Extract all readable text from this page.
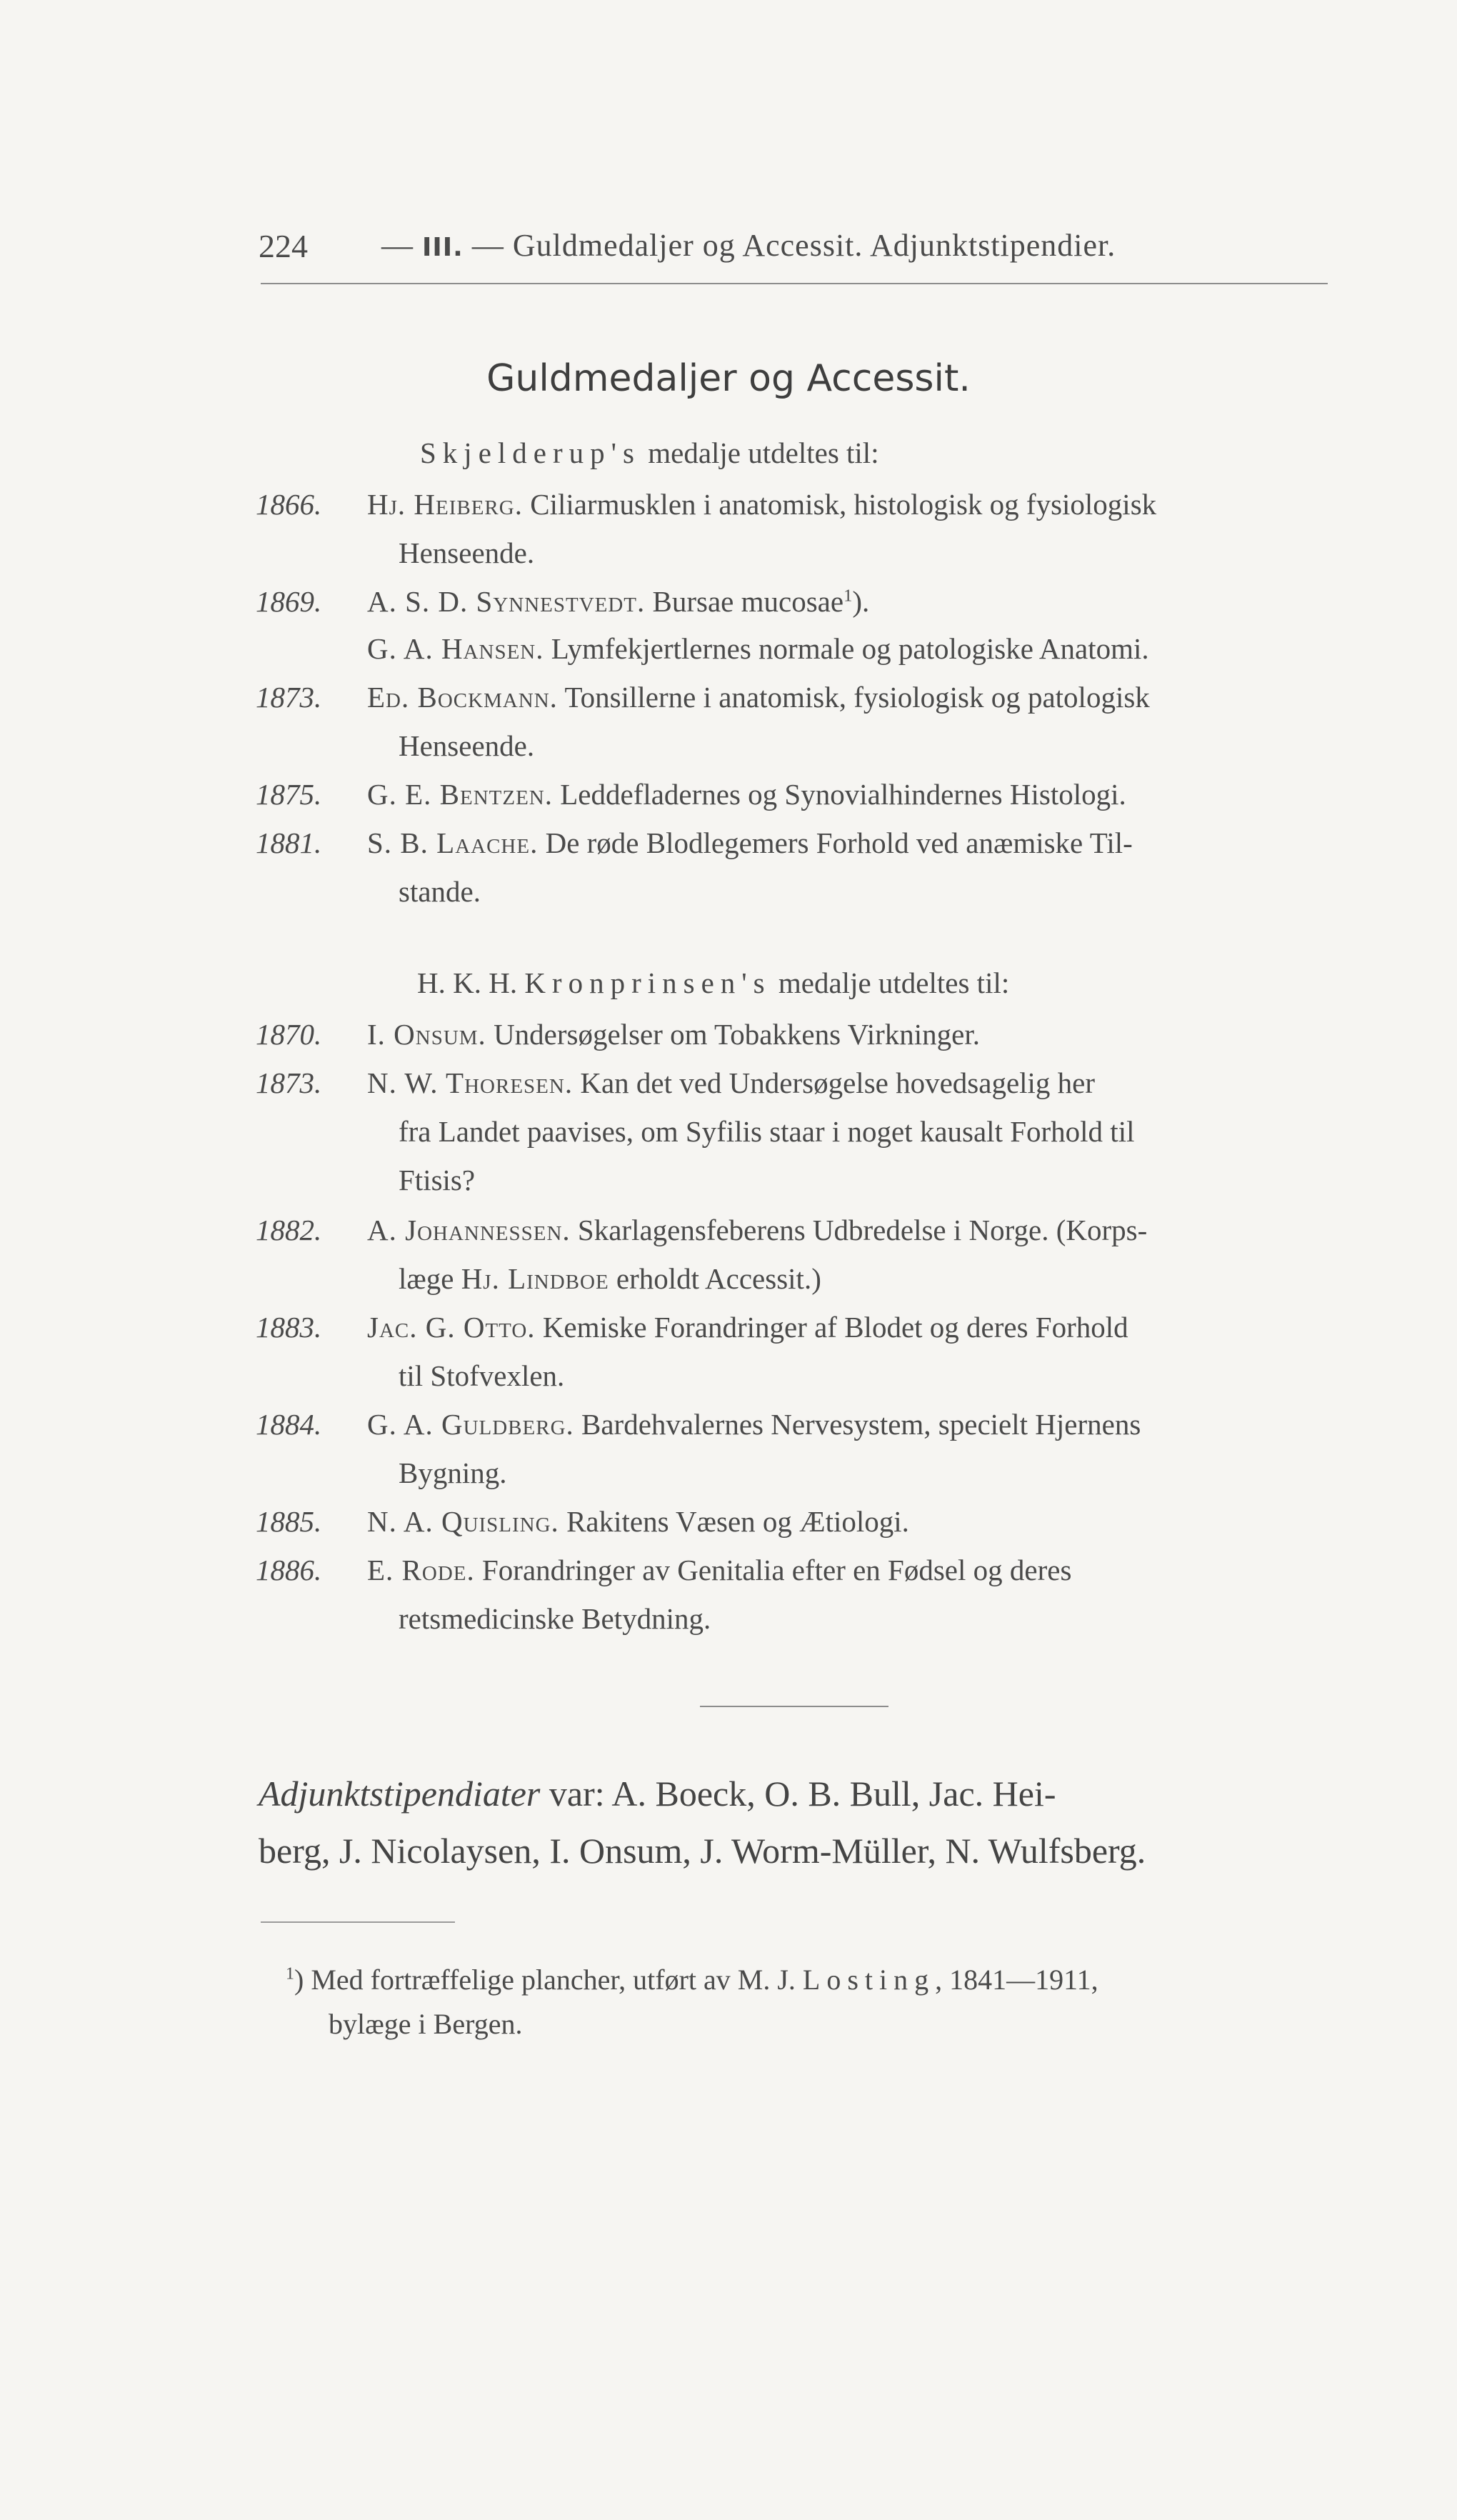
224 — III. — Guldmedaljer og Accessit. Adjunktstipendier.
Guldmedaljer og Accessit.
Skjelderup's medalje utdeltes til:
1866. Hj. Heiberg. Ciliarmusklen i anatomisk, histologisk og fysiologisk
Henseende.
1869. A. S. D. Synnestvedt. Bursae mucosae$^1$).
G. A. Hansen. Lymfekjertlernes normale og patologiske Anatomi.
1873. Ed. Bockmann. Tonsillerne i anatomisk, fysiologisk og patologisk
Henseende.
1875. G. E. Bentzen. Leddefladernes og Synovialhindernes Histologi.
1881. S. B. Laache. De røde Blodlegemers Forhold ved anæmiske Til-
stande.
H. K. H. Kronprinsen's medalje utdeltes til:
1870. I. Onsum. Undersøgelser om Tobakkens Virkninger.
1873. N. W. Thoresen. Kan det ved Undersøgelse hovedsagelig her
fra Landet paavises, om Syfilis staar i noget kausalt Forhold til
Ftisis?
1882. A. Johannessen. Skarlagensfeberens Udbredelse i Norge. (Korps-
læge Hj. Lindboe erholdt Accessit.)
1883. Jac. G. Otto. Kemiske Forandringer af Blodet og deres Forhold
til Stofvexlen.
1884. G. A. Guldberg. Bardehvalernes Nervesystem, specielt Hjernens
Bygning.
1885. N. A. Quisling. Rakitens Væsen og Ætiologi.
1886. E. Rode. Forandringer av Genitalia efter en Fødsel og deres
retsmedicinske Betydning.
Adjunktstipendiater var: A. Boeck, O. B. Bull, Jac. Hei-
berg, J. Nicolaysen, I. Onsum, J. Worm-Müller, N. Wulfsberg.
$^1$) Med fortræffelige plancher, utført av M. J. Losting, 1841—1911,
bylæge i Bergen.
